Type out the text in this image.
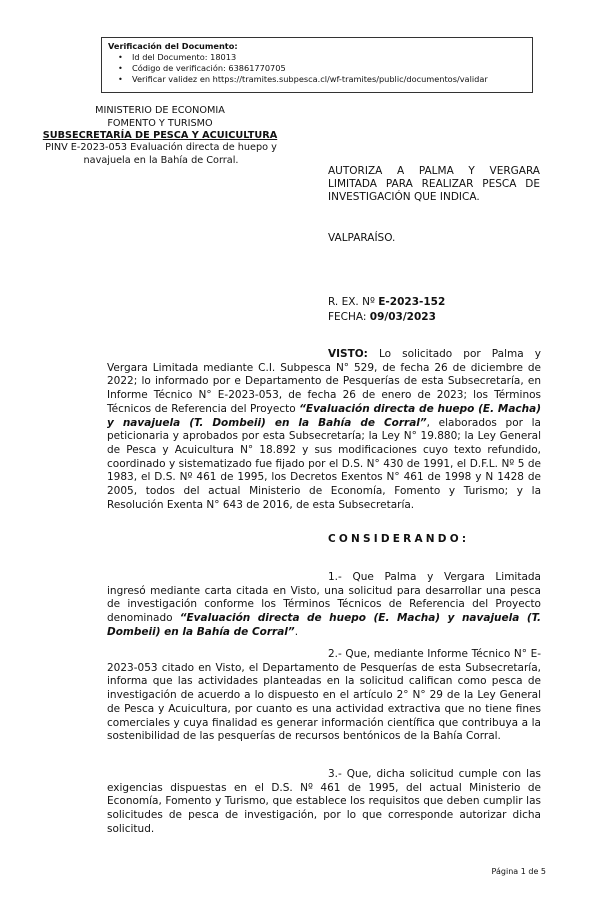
Verificación del Documento:
• Id del Documento: 18013
• Código de verificación: 63861770705
• Verificar validez en https://tramites.subpesca.cl/wf-tramites/public/documentos/validar
MINISTERIO DE ECONOMIA
FOMENTO Y TURISMO
SUBSECRETARÍA DE PESCA Y ACUICULTURA
PINV E-2023-053 Evaluación directa de huepo y navajuela en la Bahía de Corral.
AUTORIZA A PALMA Y VERGARA LIMITADA PARA REALIZAR PESCA DE INVESTIGACIÓN QUE INDICA.
VALPARAÍSO.
R. EX. Nº E-2023-152
FECHA: 09/03/2023
VISTO: Lo solicitado por Palma y Vergara Limitada mediante C.I. Subpesca N° 529, de fecha 26 de diciembre de 2022; lo informado por e Departamento de Pesquerías de esta Subsecretaría, en Informe Técnico N° E-2023-053, de fecha 26 de enero de 2023; los Términos Técnicos de Referencia del Proyecto “Evaluación directa de huepo (E. Macha) y navajuela (T. Dombeii) en la Bahía de Corral”, elaborados por la peticionaria y aprobados por esta Subsecretaría; la Ley N° 19.880; la Ley General de Pesca y Acuicultura N° 18.892 y sus modificaciones cuyo texto refundido, coordinado y sistematizado fue fijado por el D.S. N° 430 de 1991, el D.F.L. Nº 5 de 1983, el D.S. Nº 461 de 1995, los Decretos Exentos N° 461 de 1998 y N 1428 de 2005, todos del actual Ministerio de Economía, Fomento y Turismo; y la Resolución Exenta N° 643 de 2016, de esta Subsecretaría.
CONSIDERANDO:
1.- Que Palma y Vergara Limitada ingresó mediante carta citada en Visto, una solicitud para desarrollar una pesca de investigación conforme los Términos Técnicos de Referencia del Proyecto denominado “Evaluación directa de huepo (E. Macha) y navajuela (T. Dombeii) en la Bahía de Corral”.
2.- Que, mediante Informe Técnico N° E-2023-053 citado en Visto, el Departamento de Pesquerías de esta Subsecretaría, informa que las actividades planteadas en la solicitud califican como pesca de investigación de acuerdo a lo dispuesto en el artículo 2° N° 29 de la Ley General de Pesca y Acuicultura, por cuanto es una actividad extractiva que no tiene fines comerciales y cuya finalidad es generar información científica que contribuya a la sostenibilidad de las pesquerías de recursos bentónicos de la Bahía Corral.
3.- Que, dicha solicitud cumple con las exigencias dispuestas en el D.S. Nº 461 de 1995, del actual Ministerio de Economía, Fomento y Turismo, que establece los requisitos que deben cumplir las solicitudes de pesca de investigación, por lo que corresponde autorizar dicha solicitud.
Página 1 de 5
